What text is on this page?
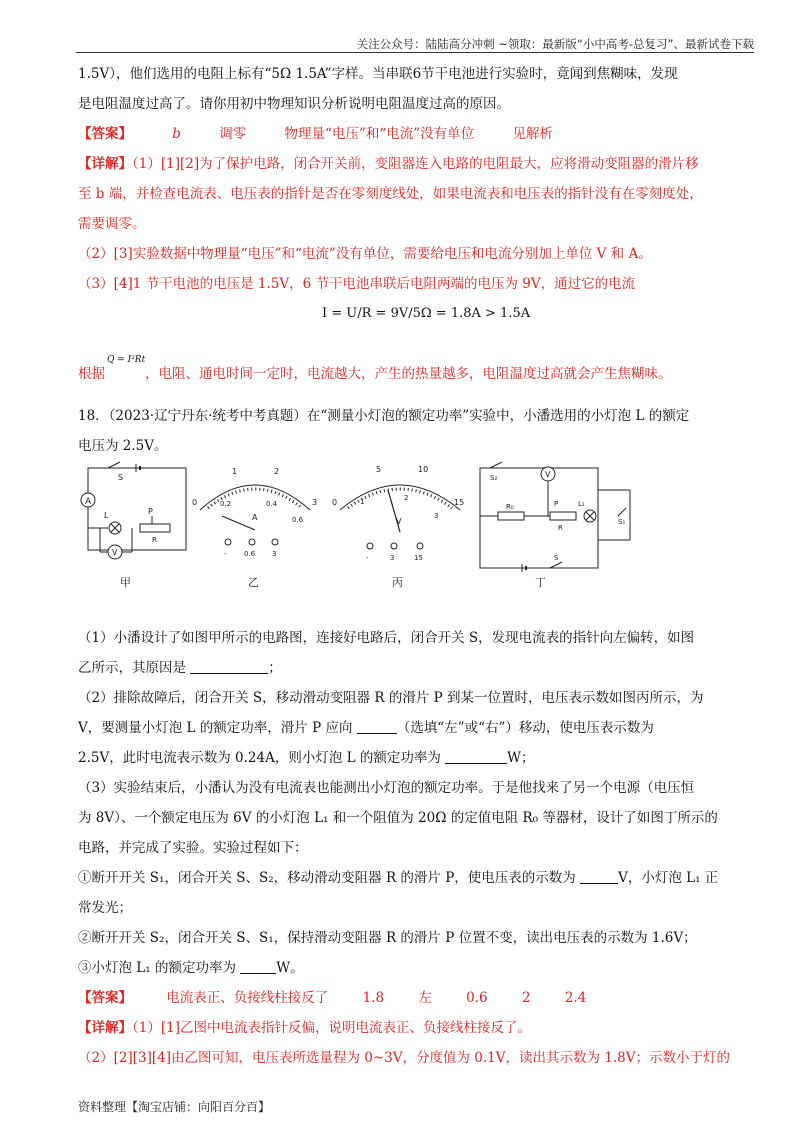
关注公众号：陆陆高分冲刺 ~领取：最新版“小中高考-总复习”、最新试卷下载
1.5V），他们选用的电阻上标有“5Ω 1.5A”字样。当串联6节干电池进行实验时，竟闻到焦糊味，发现
是电阻温度过高了。请你用初中物理知识分析说明电阻温度过高的原因。
【答案】	b	调零	物理量“电压”和“电流”没有单位	见解析
【详解】（1）[1][2]为了保护电路，闭合开关前，变阻器连入电路的电阻最大，应将滑动变阻器的滑片移
至 b 端，并检查电流表、电压表的指针是否在零刻度线处，如果电流表和电压表的指针没有在零刻度处，
需要调零。
（2）[3]实验数据中物理量“电压”和“电流”没有单位，需要给电压和电流分别加上单位 V 和 A。
（3）[4]1 节干电池的电压是 1.5V，6 节干电池串联后电阻两端的电压为 9V，通过它的电流
I = U/R = 9V/5Ω = 1.8A > 1.5A
Q = I²Rt
根据	，电阻、通电时间一定时，电流越大，产生的热量越多，电阻温度过高就会产生焦糊味。
18．（2023·辽宁丹东·统考中考真题）在“测量小灯泡的额定功率”实验中，小潘选用的小灯泡 L 的额定
电压为 2.5V。
A
S
L	P
R
V
0
1	2
3
0.2	0.4
0.6
A
- 0.6 3
0
5	10
15
1	2
3
V
-	3	15
V
S₂
R₀	P
R
L₁
S₁
S
甲	乙	丙	丁
（1）小潘设计了如图甲所示的电路图，连接好电路后，闭合开关 S，发现电流表的指针向左偏转，如图
乙所示，其原因是	；
（2）排除故障后，闭合开关 S，移动滑动变阻器 R 的滑片 P 到某一位置时，电压表示数如图丙所示，为
V，要测量小灯泡 L 的额定功率，滑片 P 应向	（选填“左”或“右”）移动，使电压表示数为
2.5V，此时电流表示数为 0.24A，则小灯泡 L 的额定功率为	W；
（3）实验结束后，小潘认为没有电流表也能测出小灯泡的额定功率。于是他找来了另一个电源（电压恒
为 8V）、一个额定电压为 6V 的小灯泡 L₁ 和一个阻值为 20Ω 的定值电阻 R₀ 等器材，设计了如图丁所示的
电路，并完成了实验。实验过程如下：
①断开开关 S₁，闭合开关 S、S₂，移动滑动变阻器 R 的滑片 P，使电压表的示数为	V，小灯泡 L₁ 正
常发光；
②断开开关 S₂，闭合开关 S、S₁，保持滑动变阻器 R 的滑片 P 位置不变，读出电压表的示数为 1.6V；
③小灯泡 L₁ 的额定功率为	W。
【答案】	电流表正、负接线柱接反了	1.8	左	0.6	2	2.4
【详解】（1）[1]乙图中电流表指针反偏，说明电流表正、负接线柱接反了。
（2）[2][3][4]由乙图可知，电压表所选量程为 0~3V，分度值为 0.1V，读出其示数为 1.8V；示数小于灯的
资料整理【淘宝店铺：向阳百分百】
